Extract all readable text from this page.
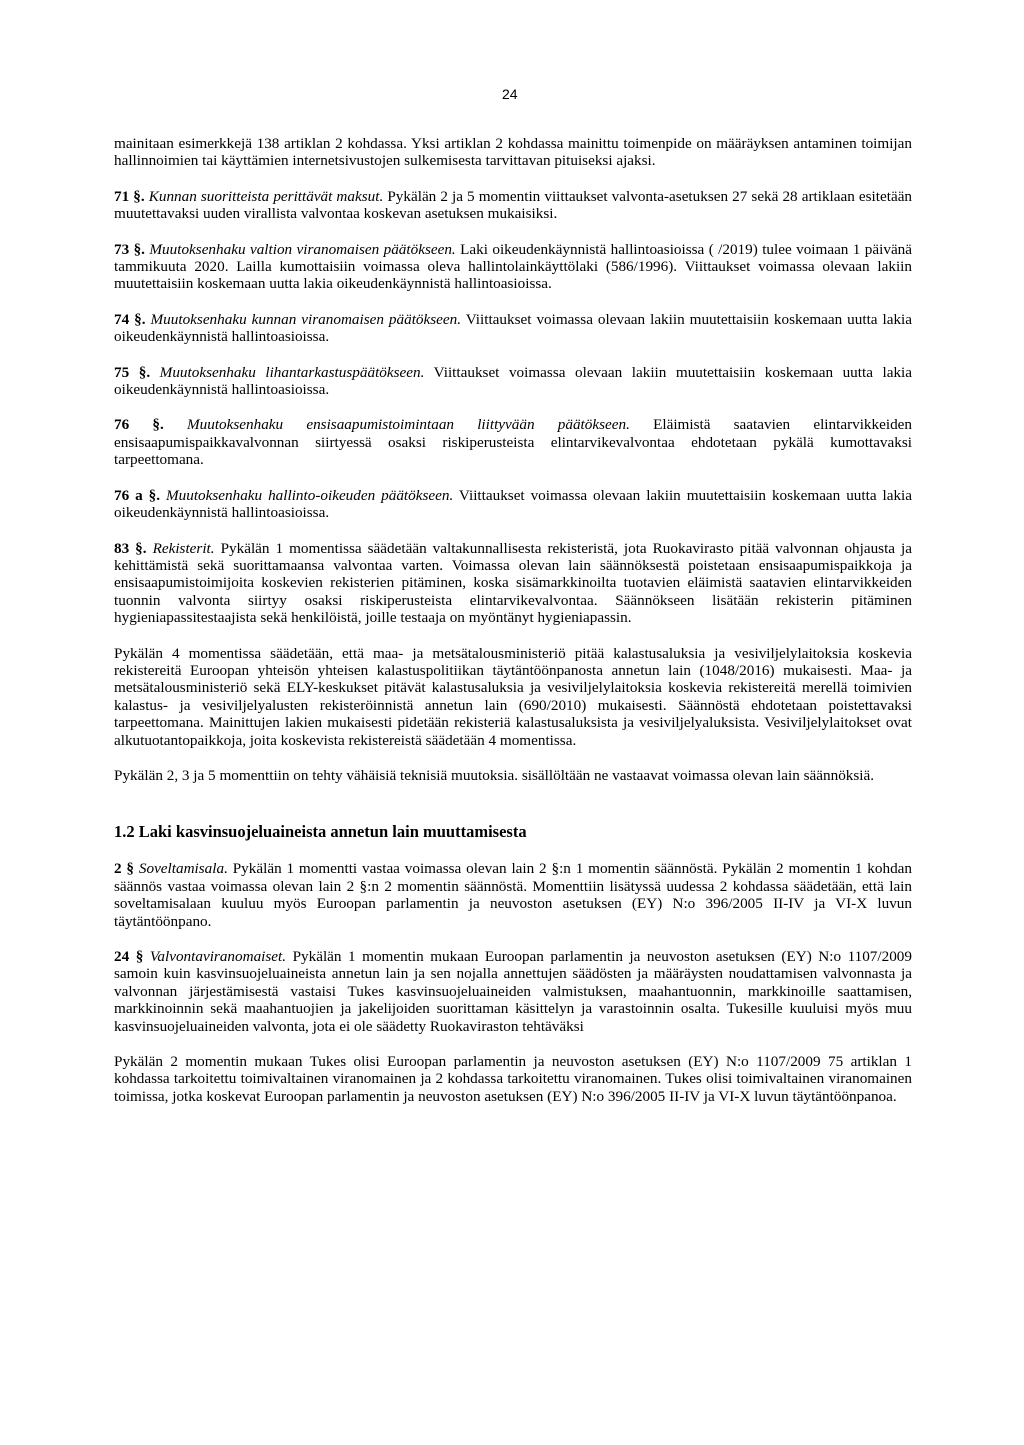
24

mainitaan esimerkkejä 138 artiklan 2 kohdassa. Yksi artiklan 2 kohdassa mainittu toimenpide on määräyksen antaminen toimijan hallinnoimien tai käyttämien internetsivustojen sulkemisesta tarvittavan pituiseksi ajaksi.

71 §. Kunnan suoritteista perittävät maksut. Pykälän 2 ja 5 momentin viittaukset valvonta-asetuksen 27 sekä 28 artiklaan esitetään muutettavaksi uuden virallista valvontaa koskevan asetuksen mukaisiksi.

73 §. Muutoksenhaku valtion viranomaisen päätökseen. Laki oikeudenkäynnistä hallintoasioissa ( /2019) tulee voimaan 1 päivänä tammikuuta 2020. Lailla kumottaisiin voimassa oleva hallintolainkäyttölaki (586/1996). Viittaukset voimassa olevaan lakiin muutettaisiin koskemaan uutta lakia oikeudenkäynnistä hallintoasioissa.

74 §. Muutoksenhaku kunnan viranomaisen päätökseen. Viittaukset voimassa olevaan lakiin muutettaisiin koskemaan uutta lakia oikeudenkäynnistä hallintoasioissa.

75 §. Muutoksenhaku lihantarkastuspäätökseen. Viittaukset voimassa olevaan lakiin muutettaisiin koskemaan uutta lakia oikeudenkäynnistä hallintoasioissa.

76 §. Muutoksenhaku ensisaapumistoimintaan liittyvään päätökseen. Eläimistä saatavien elintarvikkeiden ensisaapumispaikkavalvonnan siirtyessä osaksi riskiperusteista elintarvikevalvontaa ehdotetaan pykälä kumottavaksi tarpeettomana.

76 a §. Muutoksenhaku hallinto-oikeuden päätökseen. Viittaukset voimassa olevaan lakiin muutettaisiin koskemaan uutta lakia oikeudenkäynnistä hallintoasioissa.

83 §. Rekisterit. Pykälän 1 momentissa säädetään valtakunnallisesta rekisteristä, jota Ruokavirasto pitää valvonnan ohjausta ja kehittämistä sekä suorittamaansa valvontaa varten. Voimassa olevan lain säännöksestä poistetaan ensisaapumispaikkoja ja ensisaapumistoimijoita koskevien rekisterien pitäminen, koska sisämarkkinoilta tuotavien eläimistä saatavien elintarvikkeiden tuonnin valvonta siirtyy osaksi riskiperusteista elintarvikevalvontaa. Säännökseen lisätään rekisterin pitäminen hygieniapassitestaajista sekä henkilöistä, joille testaaja on myöntänyt hygieniapassin.

Pykälän 4 momentissa säädetään, että maa- ja metsätalousministeriö pitää kalastusaluksia ja vesiviljelylaitoksia koskevia rekistereitä Euroopan yhteisön yhteisen kalastuspolitiikan täytäntöönpanosta annetun lain (1048/2016) mukaisesti. Maa- ja metsätalousministeriö sekä ELY-keskukset pitävät kalastusaluksia ja vesiviljelylaitoksia koskevia rekistereitä merellä toimivien kalastus- ja vesiviljelyalusten rekisteröinnistä annetun lain (690/2010) mukaisesti. Säännöstä ehdotetaan poistettavaksi tarpeettomana. Mainittujen lakien mukaisesti pidetään rekisteriä kalastusaluksista ja vesiviljelyaluksista. Vesiviljelylaitokset ovat alkutuotantopaikkoja, joita koskevista rekistereistä säädetään 4 momentissa.

Pykälän 2, 3 ja 5 momenttiin on tehty vähäisiä teknisiä muutoksia. sisällöltään ne vastaavat voimassa olevan lain säännöksiä.

1.2 Laki kasvinsuojeluaineista annetun lain muuttamisesta

2 § Soveltamisala. Pykälän 1 momentti vastaa voimassa olevan lain 2 §:n 1 momentin säännöstä. Pykälän 2 momentin 1 kohdan säännös vastaa voimassa olevan lain 2 §:n 2 momentin säännöstä. Momenttiin lisätyssä uudessa 2 kohdassa säädetään, että lain soveltamisalaan kuuluu myös Euroopan parlamentin ja neuvoston asetuksen (EY) N:o 396/2005 II-IV ja VI-X luvun täytäntöönpano.

24 § Valvontaviranomaiset. Pykälän 1 momentin mukaan Euroopan parlamentin ja neuvoston asetuksen (EY) N:o 1107/2009 samoin kuin kasvinsuojeluaineista annetun lain ja sen nojalla annettujen säädösten ja määräysten noudattamisen valvonnasta ja valvonnan järjestämisestä vastaisi Tukes kasvinsuojeluaineiden valmistuksen, maahantuonnin, markkinoille saattamisen, markkinoinnin sekä maahantuojien ja jakelijoiden suorittaman käsittelyn ja varastoinnin osalta. Tukesille kuuluisi myös muu kasvinsuojeluaineiden valvonta, jota ei ole säädetty Ruokaviraston tehtäväksi

Pykälän 2 momentin mukaan Tukes olisi Euroopan parlamentin ja neuvoston asetuksen (EY) N:o 1107/2009 75 artiklan 1 kohdassa tarkoitettu toimivaltainen viranomainen ja 2 kohdassa tarkoitettu viranomainen. Tukes olisi toimivaltainen viranomainen toimissa, jotka koskevat Euroopan parlamentin ja neuvoston asetuksen (EY) N:o 396/2005 II-IV ja VI-X luvun täytäntöönpanoa.
